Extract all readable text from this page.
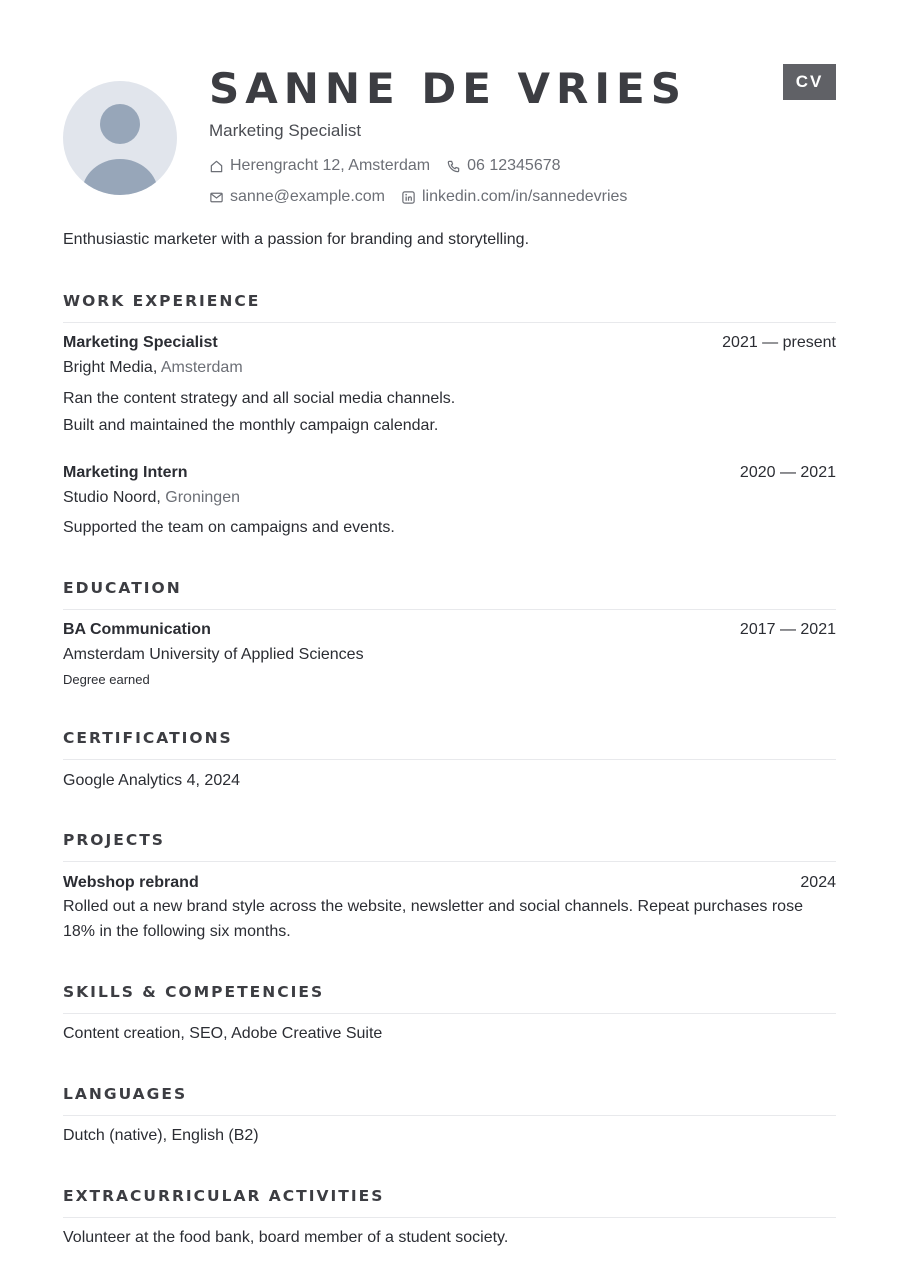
SANNE DE VRIES	CV
Marketing Specialist
Herengracht 12, Amsterdam 06 12345678
sanne@example.com linkedin.com/in/sannedevries
Enthusiastic marketer with a passion for branding and storytelling.
WORK EXPERIENCE
Marketing Specialist	2021 — present
Bright Media, Amsterdam
Ran the content strategy and all social media channels.
Built and maintained the monthly campaign calendar.
Marketing Intern	2020 — 2021
Studio Noord, Groningen
Supported the team on campaigns and events.
EDUCATION
BA Communication	2017 — 2021
Amsterdam University of Applied Sciences
Degree earned
CERTIFICATIONS
Google Analytics 4, 2024
PROJECTS
Webshop rebrand	2024
Rolled out a new brand style across the website, newsletter and social channels. Repeat purchases rose 18% in the following six months.
SKILLS & COMPETENCIES
Content creation, SEO, Adobe Creative Suite
LANGUAGES
Dutch (native), English (B2)
EXTRACURRICULAR ACTIVITIES
Volunteer at the food bank, board member of a student society.
